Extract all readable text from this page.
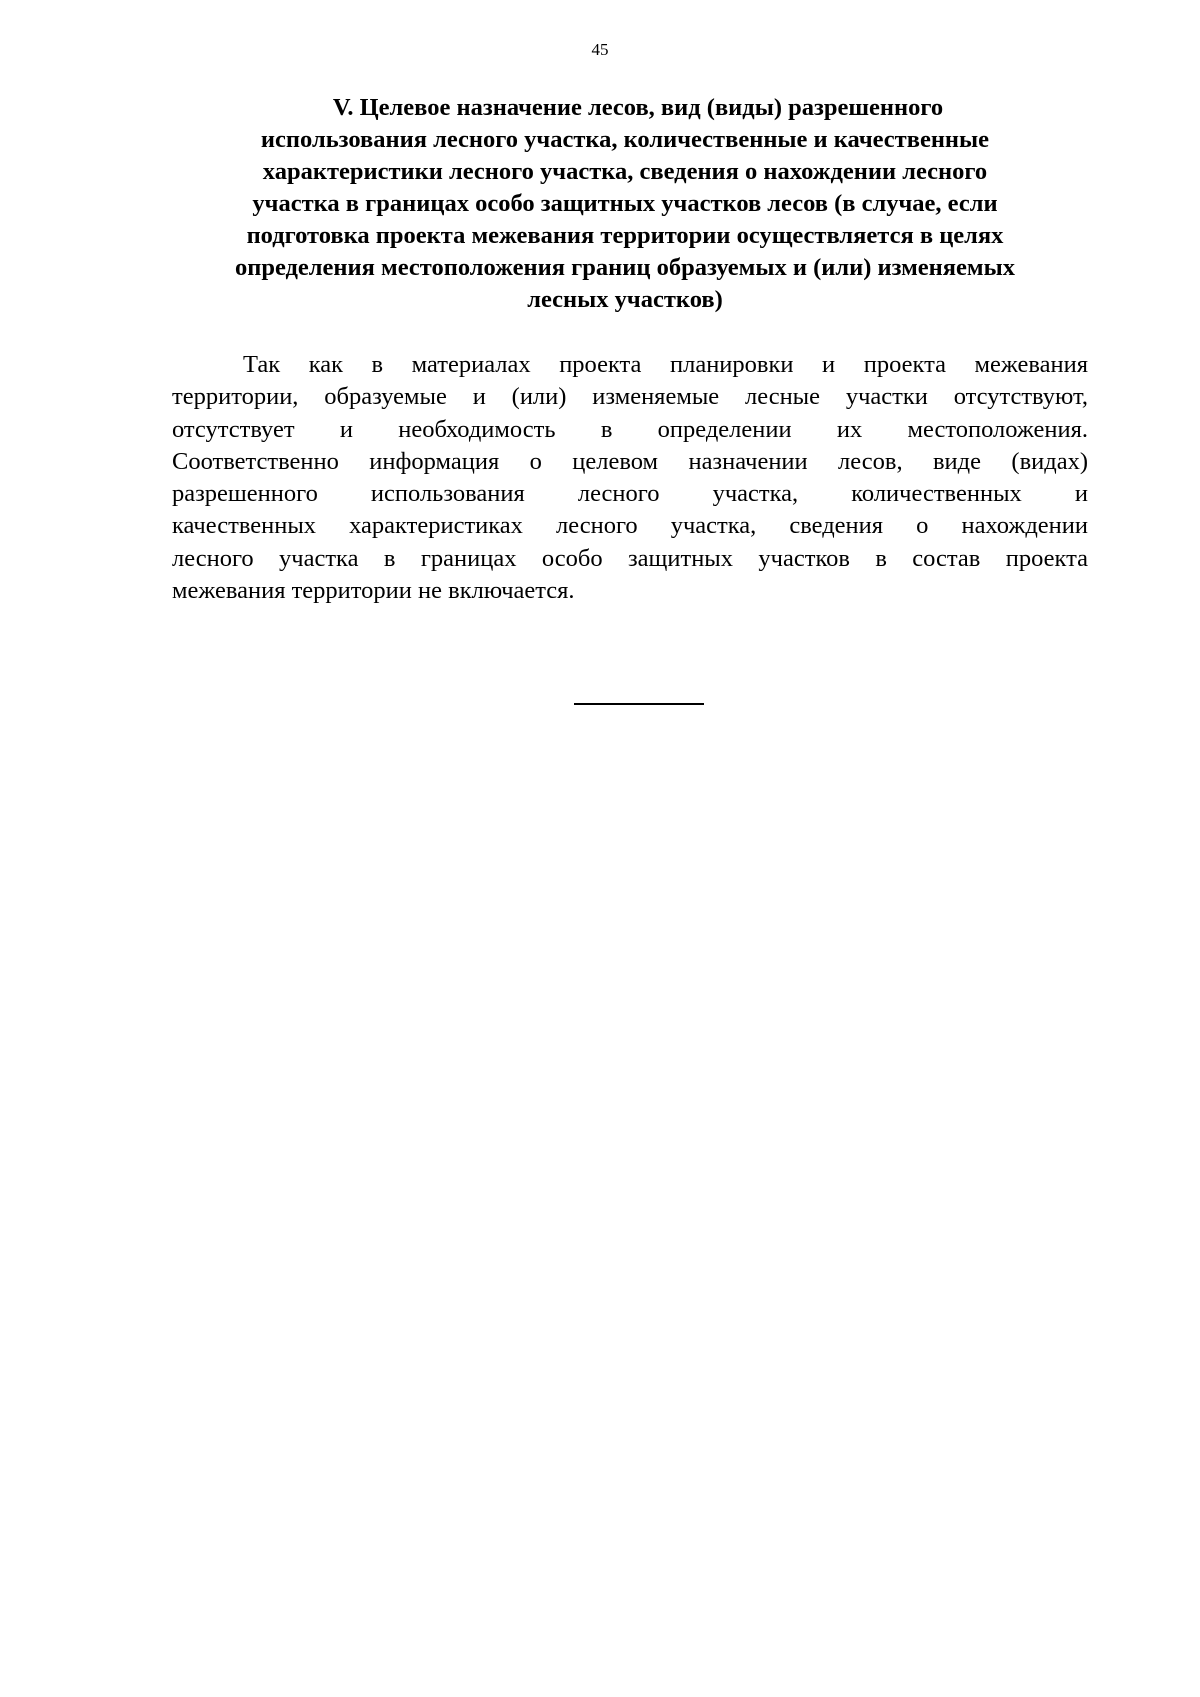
45
V. Целевое назначение лесов, вид (виды) разрешенного
использования лесного участка, количественные и качественные
характеристики лесного участка, сведения о нахождении лесного
участка в границах особо защитных участков лесов (в случае, если
подготовка проекта межевания территории осуществляется в целях
определения местоположения границ образуемых и (или) изменяемых
лесных участков)

Так как в материалах проекта планировки и проекта межевания
территории, образуемые и (или) изменяемые лесные участки отсутствуют,
отсутствует и необходимость в определении их местоположения.
Соответственно информация о целевом назначении лесов, виде (видах)
разрешенного использования лесного участка, количественных и
качественных характеристиках лесного участка, сведения о нахождении
лесного участка в границах особо защитных участков в состав проекта
межевания территории не включается.
